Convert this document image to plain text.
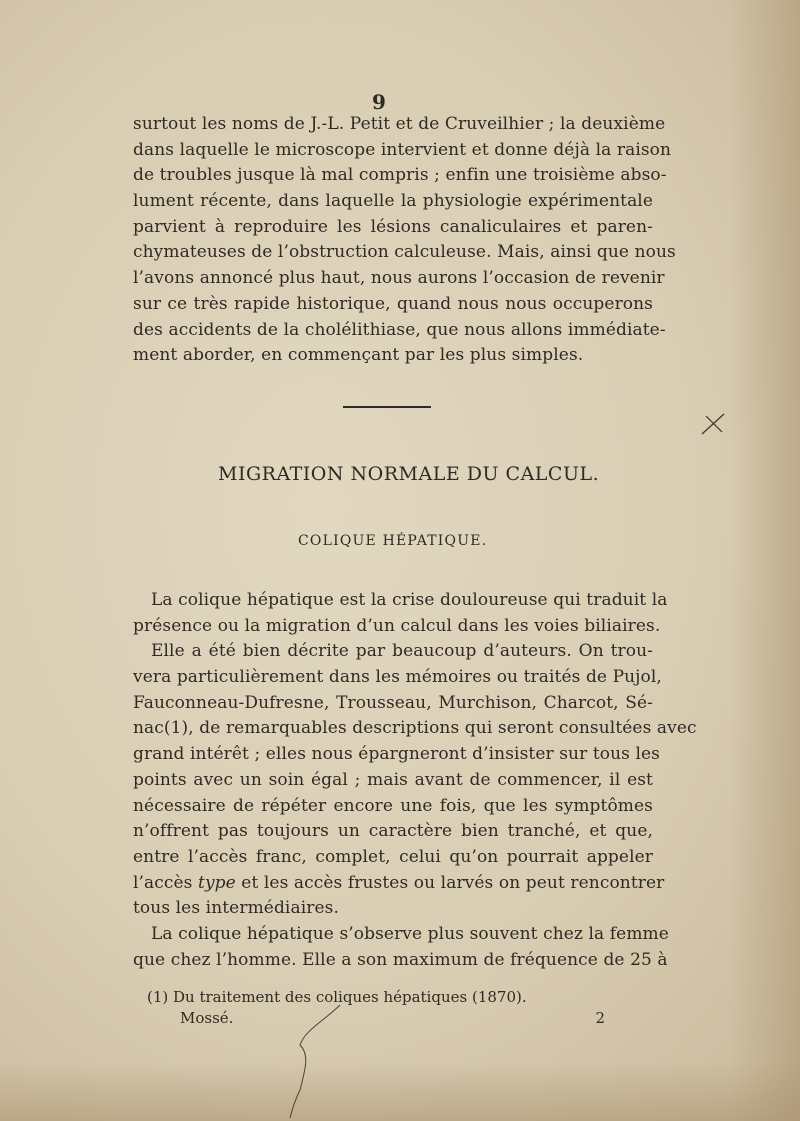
9
surtout les noms de J.-L. Petit et de Cruveilhier ; la deuxième
dans laquelle le microscope intervient et donne déjà la raison
de troubles jusque là mal compris ; enfin une troisième abso-
lument récente, dans laquelle la physiologie expérimentale
parvient à reproduire les lésions canaliculaires et paren-
chymateuses de l’obstruction calculeuse. Mais, ainsi que nous
l’avons annoncé plus haut, nous aurons l’occasion de revenir
sur ce très rapide historique, quand nous nous occuperons
des accidents de la cholélithiase, que nous allons immédiate-
ment aborder, en commençant par les plus simples.
MIGRATION NORMALE DU CALCUL.
COLIQUE HÉPATIQUE.
La colique hépatique est la crise douloureuse qui traduit la
présence ou la migration d’un calcul dans les voies biliaires.
Elle a été bien décrite par beaucoup d’auteurs. On trou-
vera particulièrement dans les mémoires ou traités de Pujol,
Fauconneau-Dufresne, Trousseau, Murchison, Charcot, Sé-
nac(1), de remarquables descriptions qui seront consultées avec
grand intérêt ; elles nous épargneront d’insister sur tous les
points avec un soin égal ; mais avant de commencer, il est
nécessaire de répéter encore une fois, que les symptômes
n’offrent pas toujours un caractère bien tranché, et que,
entre l’accès franc, complet, celui qu’on pourrait appeler
l’accès type et les accès frustes ou larvés on peut rencontrer
tous les intermédiaires.
La colique hépatique s’observe plus souvent chez la femme
que chez l’homme. Elle a son maximum de fréquence de 25 à
(1) Du traitement des coliques hépatiques (1870).
Mossé.	2
